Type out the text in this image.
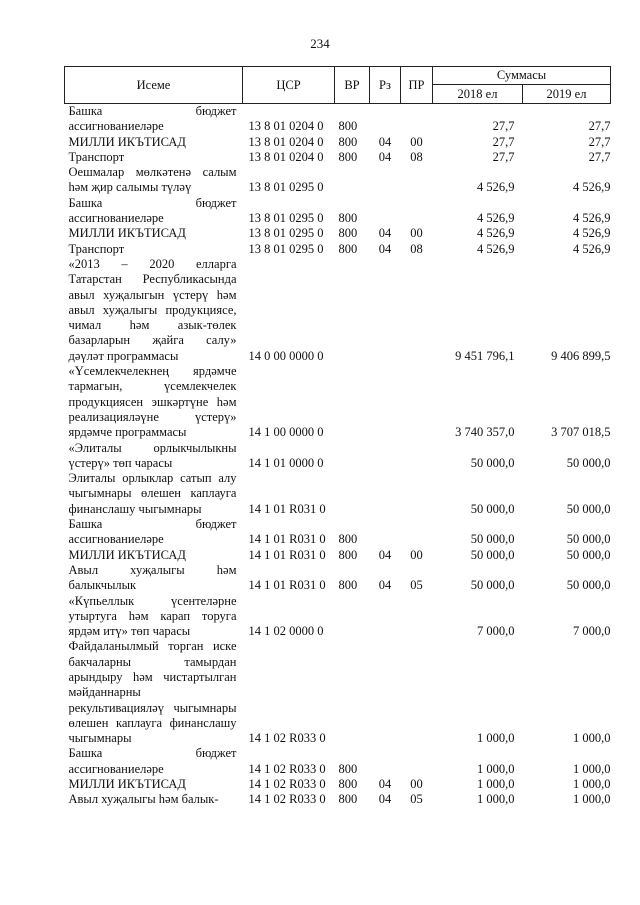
234
Исеме	ЦСР	ВР	Рз	ПР	Суммасы	
					2018 ел	2019 ел
Башка бюджет ассигнованиеләре	13 8 01 0204 0	800			27,7	27,7
МИЛЛИ ИКЪТИСАД	13 8 01 0204 0	800	04	00	27,7	27,7
Транспорт	13 8 01 0204 0	800	04	08	27,7	27,7
Оешмалар мөлкәтенә салым һәм җир салымы түләү	13 8 01 0295 0				4 526,9	4 526,9
Башка бюджет ассигнованиеләре	13 8 01 0295 0	800			4 526,9	4 526,9
МИЛЛИ ИКЪТИСАД	13 8 01 0295 0	800	04	00	4 526,9	4 526,9
Транспорт	13 8 01 0295 0	800	04	08	4 526,9	4 526,9
«2013 – 2020 елларга Татарстан Республикасында авыл хуҗалыгын үстерү һәм авыл хуҗалыгы продукциясе, чимал һәм азык-төлек базарларын җайга салу» дәүләт программасы	14 0 00 0000 0				9 451 796,1	9 406 899,5
«Үсемлекчелекнең ярдәмче тармагын, үсемлекчелек продукциясен эшкәртүне һәм реализацияләүне үстерү» ярдәмче программасы	14 1 00 0000 0				3 740 357,0	3 707 018,5
«Элиталы орлыкчылыкны үстерү» төп чарасы	14 1 01 0000 0				50 000,0	50 000,0
Элиталы орлыклар сатып алу чыгымнары өлешен каплауга финанслашу чыгымнары	14 1 01 R031 0				50 000,0	50 000,0
Башка бюджет ассигнованиеләре	14 1 01 R031 0	800			50 000,0	50 000,0
МИЛЛИ ИКЪТИСАД	14 1 01 R031 0	800	04	00	50 000,0	50 000,0
Авыл хуҗалыгы һәм балыкчылык	14 1 01 R031 0	800	04	05	50 000,0	50 000,0
«Күпьеллык үсентеләрне утыртуга һәм карап торуга ярдәм итү» төп чарасы	14 1 02 0000 0				7 000,0	7 000,0
Файдаланылмый торган иске бакчаларны тамырдан арындыру һәм чистартылган мәйданнарны рекультивацияләү чыгымнары өлешен каплауга финанслашу чыгымнары	14 1 02 R033 0				1 000,0	1 000,0
Башка бюджет ассигнованиеләре	14 1 02 R033 0	800			1 000,0	1 000,0
МИЛЛИ ИКЪТИСАД	14 1 02 R033 0	800	04	00	1 000,0	1 000,0
Авыл хуҗалыгы һәм балык-	14 1 02 R033 0	800	04	05	1 000,0	1 000,0
